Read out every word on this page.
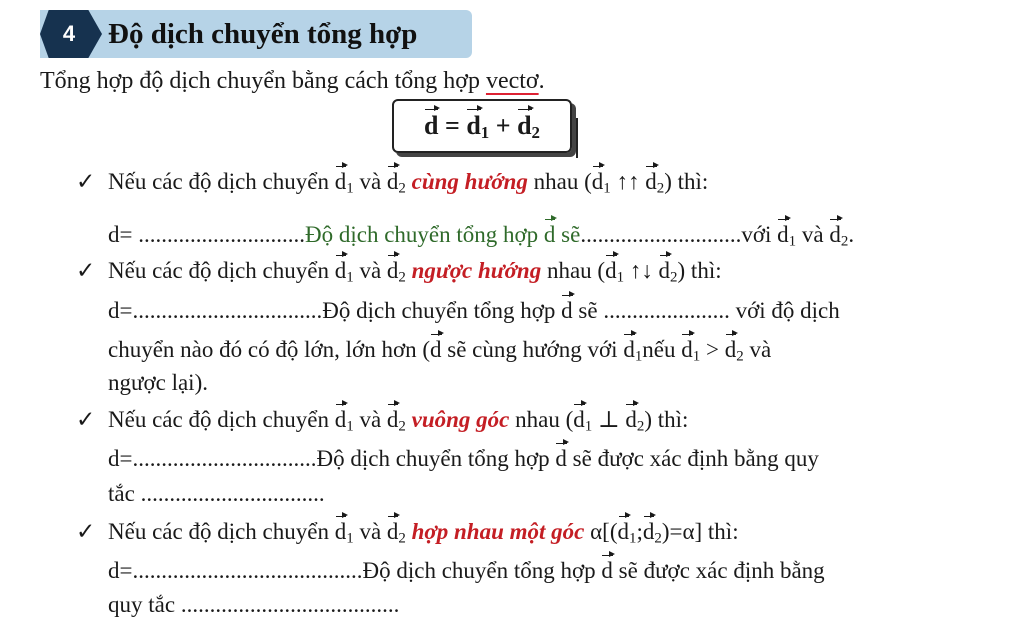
4	Độ dịch chuyển tổng hợp
Tổng hợp độ dịch chuyển bằng cách tổng hợp vectơ.
$d = d_1 + d_2$
✓ Nếu các độ dịch chuyển $d_1$ và $d_2$ cùng hướng nhau ($d_1$ ↑↑ $d_2$) thì:
d= .............................Độ dịch chuyển tổng hợp d sẽ............................với $d_1$ và $d_2$.
✓ Nếu các độ dịch chuyển $d_1$ và $d_2$ ngược hướng nhau ($d_1$ ↑↓ $d_2$) thì:
d=.................................Độ dịch chuyển tổng hợp d sẽ ...................... với độ dịch
chuyển nào đó có độ lớn, lớn hơn (d sẽ cùng hướng với $d_1nếu$ $d_1 > d_2$ và
ngược lại).
✓ Nếu các độ dịch chuyển $d_1$ và $d_2$ vuông góc nhau ($d_1$ ⊥ $d_2$) thì:
d=................................Độ dịch chuyển tổng hợp d sẽ được xác định bằng quy
tắc ................................
✓ Nếu các độ dịch chuyển $d_1$ và $d_2$ hợp nhau một góc $\alpha[(d_1;d_2)=\alpha]$ thì:
d=........................................Độ dịch chuyển tổng hợp d sẽ được xác định bằng
quy tắc ......................................
